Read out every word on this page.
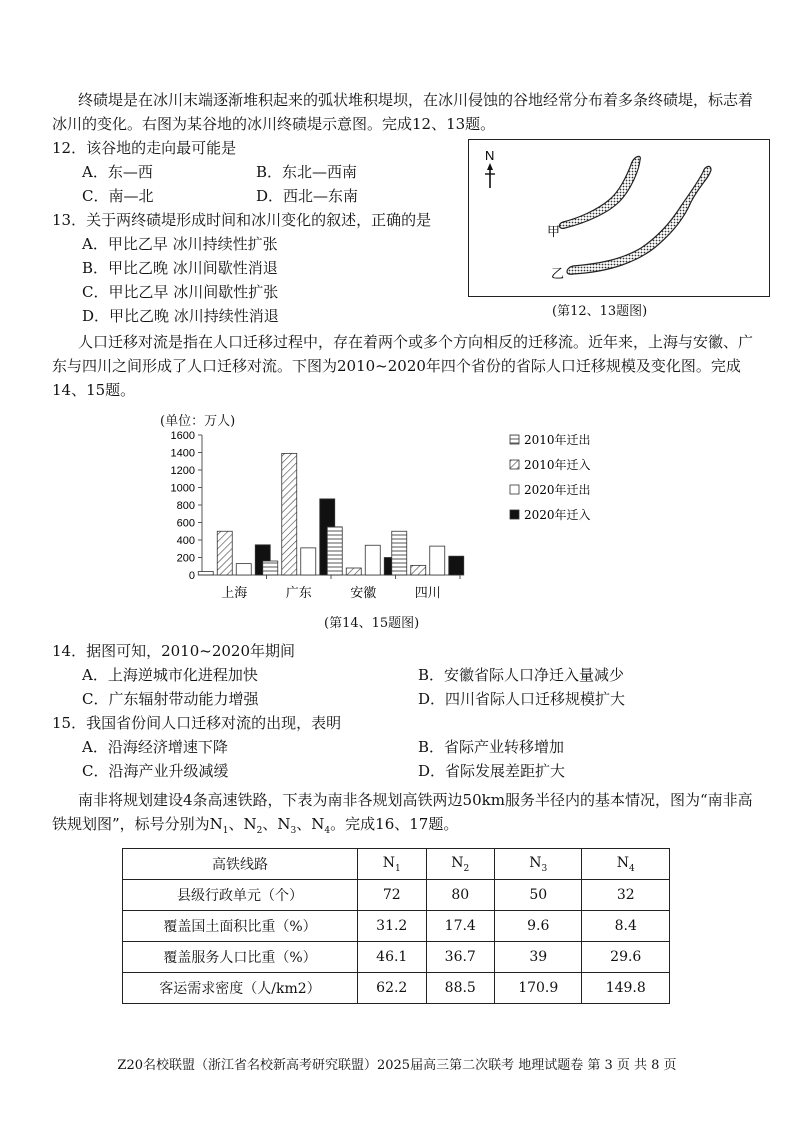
终碛堤是在冰川末端逐渐堆积起来的弧状堆积堤坝，在冰川侵蚀的谷地经常分布着多条终碛堤，标志着冰川的变化。右图为某谷地的冰川终碛堤示意图。完成12、13题。
12．该谷地的走向最可能是
A．东—西	B．东北—西南
C．南—北	D．西北—东南
13．关于两终碛堤形成时间和冰川变化的叙述，正确的是
A．甲比乙早 冰川持续性扩张
B．甲比乙晚 冰川间歇性消退
C．甲比乙早 冰川间歇性扩张
D．甲比乙晚 冰川持续性消退
N
甲
乙
(第12、13题图)
人口迁移对流是指在人口迁移过程中，存在着两个或多个方向相反的迁移流。近年来，上海与安徽、广东与四川之间形成了人口迁移对流。下图为2010~2020年四个省份的省际人口迁移规模及变化图。完成14、15题。
(单位：万人)
0
200
400
600
800
1000
1200
1400
1600
上海	广东	安徽	四川
2010年迁出
2010年迁入
2020年迁出
2020年迁入
(第14、15题图)
14．据图可知，2010~2020年期间
A．上海逆城市化进程加快	B．安徽省际人口净迁入量减少
C．广东辐射带动能力增强	D．四川省际人口迁移规模扩大
15．我国省份间人口迁移对流的出现，表明
A．沿海经济增速下降	B．省际产业转移增加
C．沿海产业升级减缓	D．省际发展差距扩大
南非将规划建设4条高速铁路，下表为南非各规划高铁两边50km服务半径内的基本情况，图为“南非高铁规划图”，标号分别为$N_1$、$N_2$、$N_3$、$N_4$。完成16、17题。
高铁线路	$N_1$	$N_2$	$N_3$	$N_4$
县级行政单元（个）	72	80	50	32
覆盖国土面积比重（%）	31.2	17.4	9.6	8.4
覆盖服务人口比重（%）	46.1	36.7	39	29.6
客运需求密度（人/km2）	62.2	88.5	170.9	149.8
Z20名校联盟（浙江省名校新高考研究联盟）2025届高三第二次联考 地理试题卷 第 3 页 共 8 页
